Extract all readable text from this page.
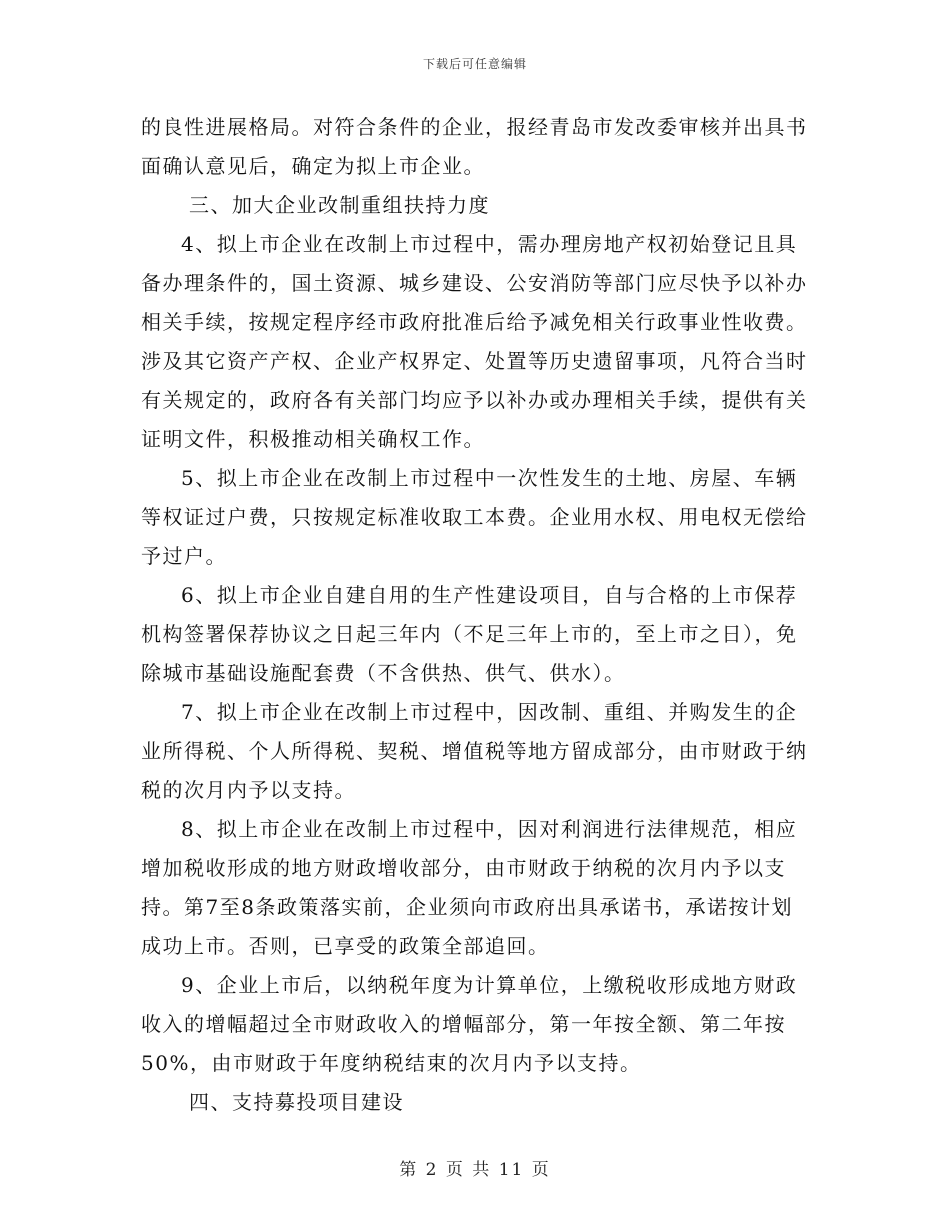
下载后可任意编辑

的良性进展格局。对符合条件的企业，报经青岛市发改委审核并出具书面确认意见后，确定为拟上市企业。

三、加大企业改制重组扶持力度

4、拟上市企业在改制上市过程中，需办理房地产权初始登记且具备办理条件的，国土资源、城乡建设、公安消防等部门应尽快予以补办相关手续，按规定程序经市政府批准后给予减免相关行政事业性收费。涉及其它资产产权、企业产权界定、处置等历史遗留事项，凡符合当时有关规定的，政府各有关部门均应予以补办或办理相关手续，提供有关证明文件，积极推动相关确权工作。

5、拟上市企业在改制上市过程中一次性发生的土地、房屋、车辆等权证过户费，只按规定标准收取工本费。企业用水权、用电权无偿给予过户。

6、拟上市企业自建自用的生产性建设项目，自与合格的上市保荐机构签署保荐协议之日起三年内（不足三年上市的，至上市之日），免除城市基础设施配套费（不含供热、供气、供水）。

7、拟上市企业在改制上市过程中，因改制、重组、并购发生的企业所得税、个人所得税、契税、增值税等地方留成部分，由市财政于纳税的次月内予以支持。

8、拟上市企业在改制上市过程中，因对利润进行法律规范，相应增加税收形成的地方财政增收部分，由市财政于纳税的次月内予以支持。第7至8条政策落实前，企业须向市政府出具承诺书，承诺按计划成功上市。否则，已享受的政策全部追回。

9、企业上市后，以纳税年度为计算单位，上缴税收形成地方财政收入的增幅超过全市财政收入的增幅部分，第一年按全额、第二年按50%，由市财政于年度纳税结束的次月内予以支持。

四、支持募投项目建设

第 2 页 共 11 页
